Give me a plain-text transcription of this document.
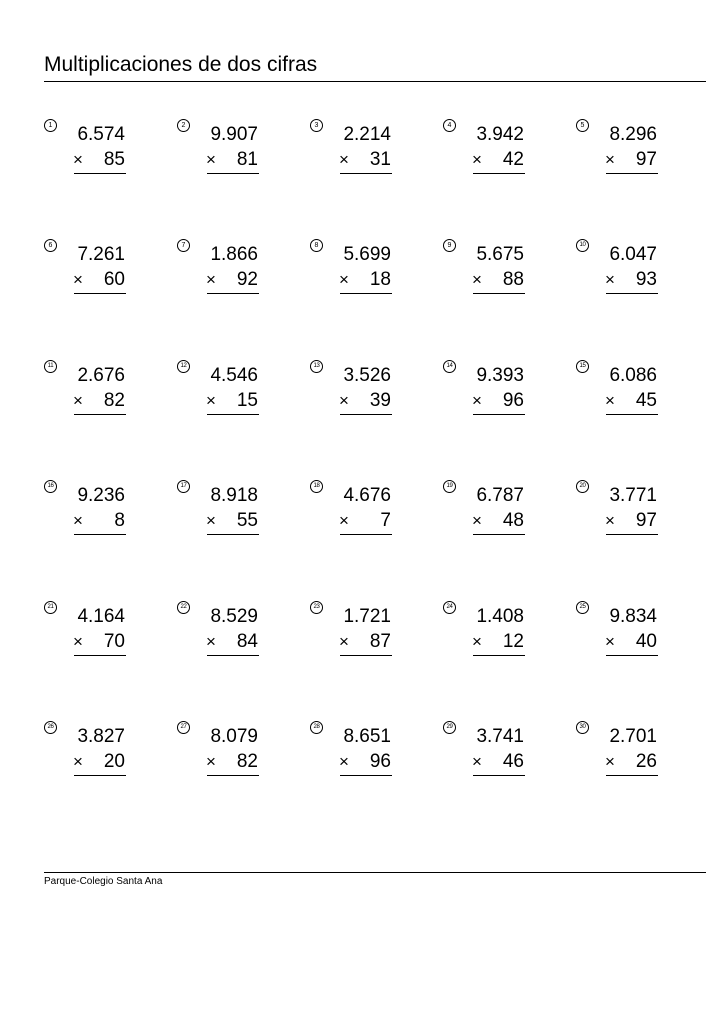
Multiplicaciones de dos cifras
1 6.574
×	85
2 9.907
×	81
3 2.214
×	31
4 3.942
×	42
5 8.296
×	97
6 7.261
×	60
7 1.866
×	92
8 5.699
×	18
9 5.675
×	88
10 6.047
×	93
11 2.676
×	82
12 4.546
×	15
13 3.526
×	39
14 9.393
×	96
15 6.086
×	45
16 9.236
×	8
17 8.918
×	55
18 4.676
×	7
19 6.787
×	48
20 3.771
×	97
21 4.164
×	70
22 8.529
×	84
23 1.721
×	87
24 1.408
×	12
25 9.834
×	40
26 3.827
×	20
27 8.079
×	82
28 8.651
×	96
29 3.741
×	46
30 2.701
×	26
Parque-Colegio Santa Ana
